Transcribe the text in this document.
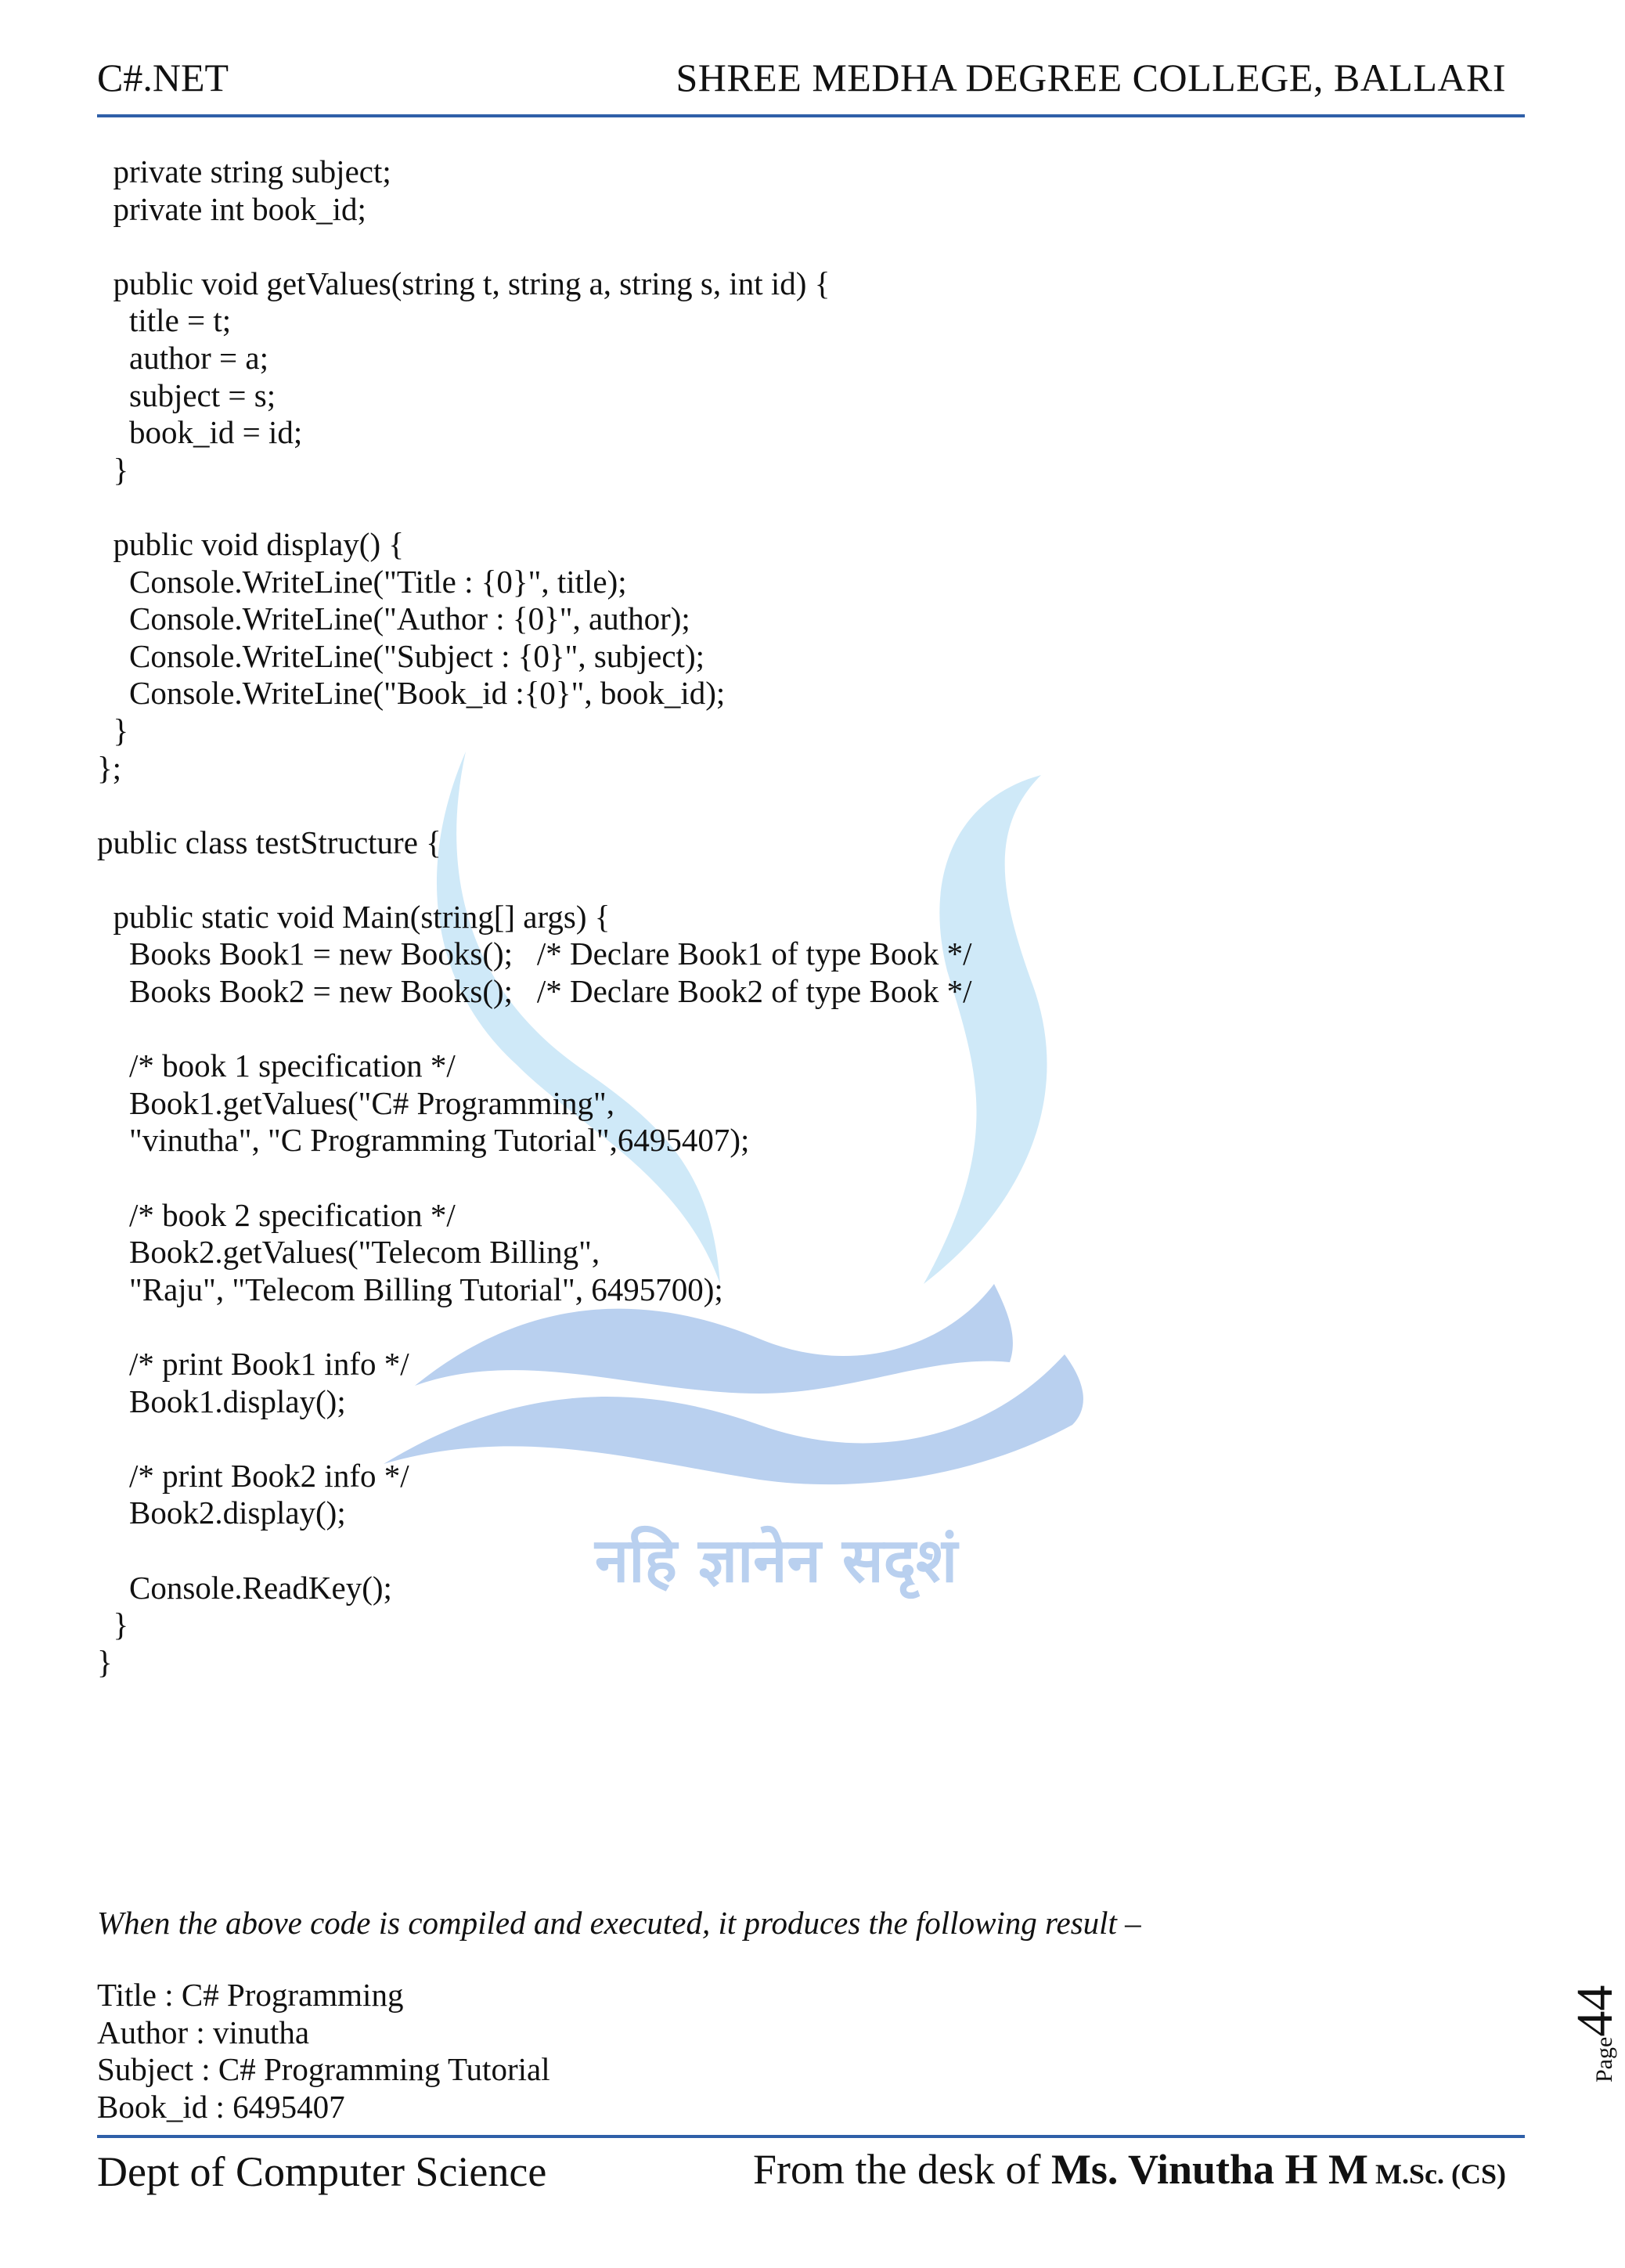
C#.NET	SHREE MEDHA DEGREE COLLEGE, BALLARI
नहि ज्ञानेन सदृशं
private string subject;
private int book_id;
public void getValues(string t, string a, string s, int id) {
title = t;
author = a;
subject = s;
book_id = id;
}
public void display() {
Console.WriteLine("Title : {0}", title);
Console.WriteLine("Author : {0}", author);
Console.WriteLine("Subject : {0}", subject);
Console.WriteLine("Book_id :{0}", book_id);
}
};
public class testStructure {
public static void Main(string[] args) {
Books Book1 = new Books();   /* Declare Book1 of type Book */
Books Book2 = new Books();   /* Declare Book2 of type Book */
/* book 1 specification */
Book1.getValues("C# Programming",
"vinutha", "C Programming Tutorial",6495407);
/* book 2 specification */
Book2.getValues("Telecom Billing",
"Raju", "Telecom Billing Tutorial", 6495700);
/* print Book1 info */
Book1.display();
/* print Book2 info */
Book2.display();
Console.ReadKey();
}
}
When the above code is compiled and executed, it produces the following result –
Title : C# Programming
Author : vinutha
Subject : C# Programming Tutorial
Book_id : 6495407
Page44
Dept of Computer Science	From the desk of Ms. Vinutha H M M.Sc. (CS)
